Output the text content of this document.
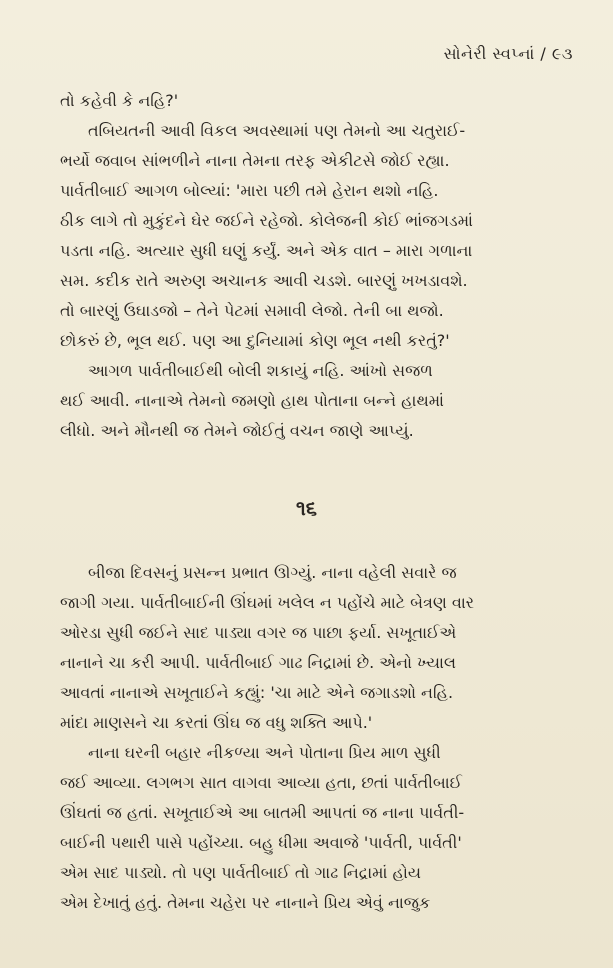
સોનેરી સ્વપ્નાં / ૯૩
તો કહેવી કે નહિ?'
તબિયતની આવી વિકલ અવસ્થામાં પણ તેમનો આ ચતુરાઈ-
ભર્યો જવાબ સાંભળીને નાના તેમના તરફ એકીટસે જોઈ રહ્યા.
પાર્વતીબાઈ આગળ બોલ્યાં: 'મારા પછી તમે હેરાન થશો નહિ.
ઠીક લાગે તો મુકુંદને ઘેર જઈને રહેજો. કોલેજની કોઈ ભાંજગડમાં
પડતા નહિ. અત્યાર સુધી ઘણું કર્યું. અને એક વાત – મારા ગળાના
સમ. કદીક રાતે અરુણ અચાનક આવી ચડશે. બારણું ખખડાવશે.
તો બારણું ઉઘાડજો – તેને પેટમાં સમાવી લેજો. તેની બા થજો.
છોકરું છે, ભૂલ થઈ. પણ આ દુનિયામાં કોણ ભૂલ નથી કરતું?'
આગળ પાર્વતીબાઈથી બોલી શકાયું નહિ. આંખો સજળ
થઈ આવી. નાનાએ તેમનો જમણો હાથ પોતાના બન્ને હાથમાં
લીધો. અને મૌનથી જ તેમને જોઈતું વચન જાણે આપ્યું.
૧૬
બીજા દિવસનું પ્રસન્ન પ્રભાત ઊગ્યું. નાના વહેલી સવારે જ
જાગી ગયા. પાર્વતીબાઈની ઊંઘમાં ખલેલ ન પહોંચે માટે બેત્રણ વાર
ઓરડા સુધી જઈને સાદ પાડ્યા વગર જ પાછા ફર્યા. સખૂતાઈએ
નાનાને ચા કરી આપી. પાર્વતીબાઈ ગાઢ નિદ્રામાં છે. એનો ખ્યાલ
આવતાં નાનાએ સખૂતાઈને કહ્યું: 'ચા માટે એને જગાડશો નહિ.
માંદા માણસને ચા કરતાં ઊંઘ જ વધુ શક્તિ આપે.'
નાના ઘરની બહાર નીકળ્યા અને પોતાના પ્રિય માળ સુધી
જઈ આવ્યા. લગભગ સાત વાગવા આવ્યા હતા, છતાં પાર્વતીબાઈ
ઊંઘતાં જ હતાં. સખૂતાઈએ આ બાતમી આપતાં જ નાના પાર્વતી-
બાઈની પથારી પાસે પહોંચ્યા. બહુ ધીમા અવાજે 'પાર્વતી, પાર્વતી'
એમ સાદ પાડ્યો. તો પણ પાર્વતીબાઈ તો ગાઢ નિદ્રામાં હોય
એમ દેખાતું હતું. તેમના ચહેરા પર નાનાને પ્રિય એવું નાજુક
